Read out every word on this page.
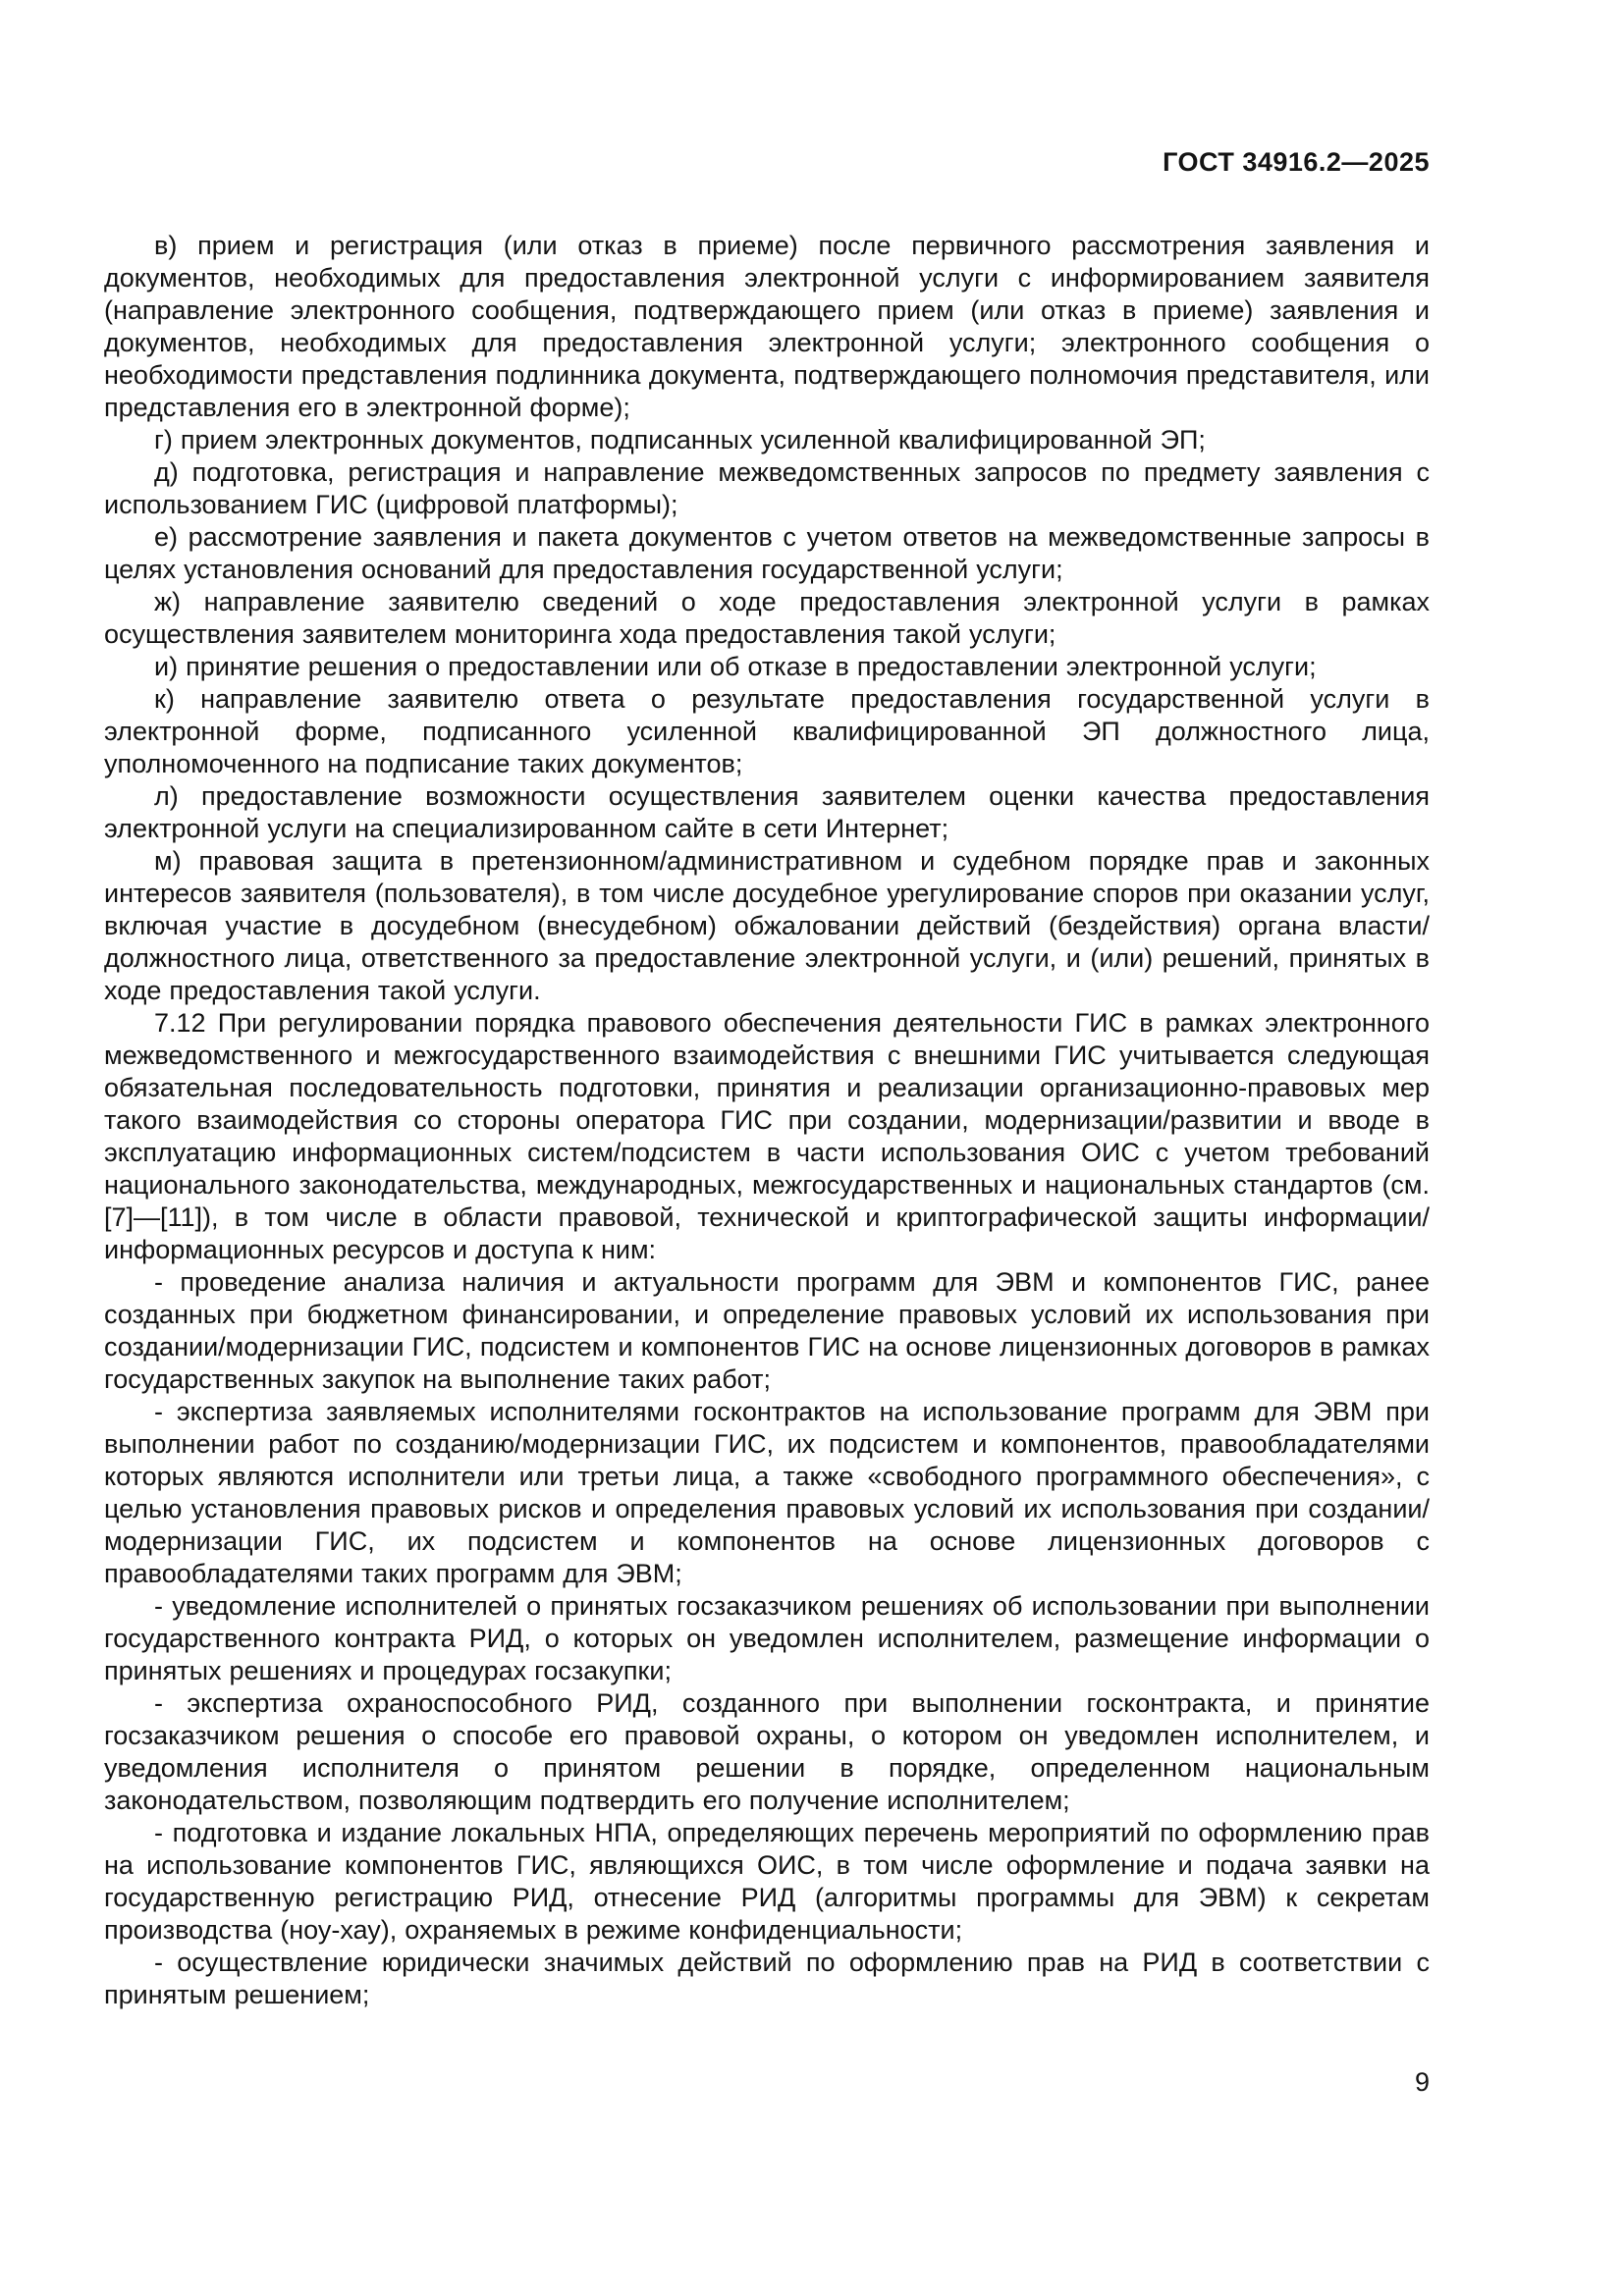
ГОСТ 34916.2—2025

в) прием и регистрация (или отказ в приеме) после первичного рассмотрения заявления и документов, необходимых для предоставления электронной услуги с информированием заявителя (направление электронного сообщения, подтверждающего прием (или отказ в приеме) заявления и документов, необходимых для предоставления электронной услуги; электронного сообщения о необходимости представления подлинника документа, подтверждающего полномочия представителя, или представления его в электронной форме);

г) прием электронных документов, подписанных усиленной квалифицированной ЭП;

д) подготовка, регистрация и направление межведомственных запросов по предмету заявления с использованием ГИС (цифровой платформы);

е) рассмотрение заявления и пакета документов с учетом ответов на межведомственные запросы в целях установления оснований для предоставления государственной услуги;

ж) направление заявителю сведений о ходе предоставления электронной услуги в рамках осуществления заявителем мониторинга хода предоставления такой услуги;

и) принятие решения о предоставлении или об отказе в предоставлении электронной услуги;

к) направление заявителю ответа о результате предоставления государственной услуги в электронной форме, подписанного усиленной квалифицированной ЭП должностного лица, уполномоченного на подписание таких документов;

л) предоставление возможности осуществления заявителем оценки качества предоставления электронной услуги на специализированном сайте в сети Интернет;

м) правовая защита в претензионном/административном и судебном порядке прав и законных интересов заявителя (пользователя), в том числе досудебное урегулирование споров при оказании услуг, включая участие в досудебном (внесудебном) обжаловании действий (бездействия) органа власти/должностного лица, ответственного за предоставление электронной услуги, и (или) решений, принятых в ходе предоставления такой услуги.

7.12 При регулировании порядка правового обеспечения деятельности ГИС в рамках электронного межведомственного и межгосударственного взаимодействия с внешними ГИС учитывается следующая обязательная последовательность подготовки, принятия и реализации организационно-правовых мер такого взаимодействия со стороны оператора ГИС при создании, модернизации/развитии и вводе в эксплуатацию информационных систем/подсистем в части использования ОИС с учетом требований национального законодательства, международных, межгосударственных и национальных стандартов (см. [7]—[11]), в том числе в области правовой, технической и криптографической защиты информации/информационных ресурсов и доступа к ним:

- проведение анализа наличия и актуальности программ для ЭВМ и компонентов ГИС, ранее созданных при бюджетном финансировании, и определение правовых условий их использования при создании/модернизации ГИС, подсистем и компонентов ГИС на основе лицензионных договоров в рамках государственных закупок на выполнение таких работ;

- экспертиза заявляемых исполнителями госконтрактов на использование программ для ЭВМ при выполнении работ по созданию/модернизации ГИС, их подсистем и компонентов, правообладателями которых являются исполнители или третьи лица, а также «свободного программного обеспечения», с целью установления правовых рисков и определения правовых условий их использования при создании/модернизации ГИС, их подсистем и компонентов на основе лицензионных договоров с правообладателями таких программ для ЭВМ;

- уведомление исполнителей о принятых госзаказчиком решениях об использовании при выполнении государственного контракта РИД, о которых он уведомлен исполнителем, размещение информации о принятых решениях и процедурах госзакупки;

- экспертиза охраноспособного РИД, созданного при выполнении госконтракта, и принятие госзаказчиком решения о способе его правовой охраны, о котором он уведомлен исполнителем, и уведомления исполнителя о принятом решении в порядке, определенном национальным законодательством, позволяющим подтвердить его получение исполнителем;

- подготовка и издание локальных НПА, определяющих перечень мероприятий по оформлению прав на использование компонентов ГИС, являющихся ОИС, в том числе оформление и подача заявки на государственную регистрацию РИД, отнесение РИД (алгоритмы программы для ЭВМ) к секретам производства (ноу-хау), охраняемых в режиме конфиденциальности;

- осуществление юридически значимых действий по оформлению прав на РИД в соответствии с принятым решением;

9
